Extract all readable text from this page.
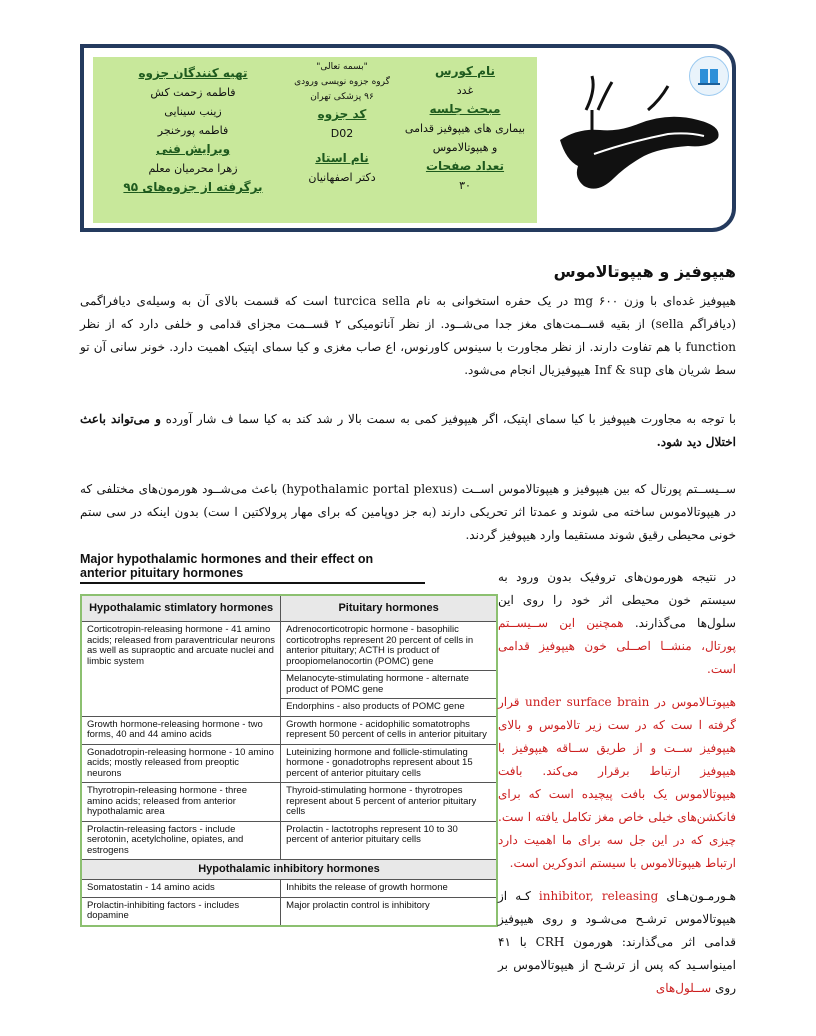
نام کورس
غدد
مبحث جلسه
بیماری های هیپوفیز قدامی
و هیپوتالاموس
تعداد صفحات
۳۰
"بسمه تعالی"
گروه جزوه نویسی ورودی
۹۶ پزشکی تهران
کد جزوه
D02
نام استاد
دکتر اصفهانیان
تهیه کنندگان جزوه
فاطمه زحمت کش
زینب سینایی
فاطمه پورخنجر
ویرایش فنی
زهرا محرمیان معلم
برگرفته از جزوه‌های ۹۵
هیپوفیز و هیپوتالاموس
هیپوفیز غده‌ای با وزن ۶۰۰ mg در یک حفره استخوانی به نام turcica sella است که قسمت بالای آن به وسیله‌ی دیافراگمی (دیافراگم sella) از بقیه قســمت‌های مغز جدا می‌شــود. از نظر آناتومیکی ۲ قســمت مجزای قدامی و خلفی دارد که از نظر function با هم تفاوت دارند. از نظر مجاورت با سینوس کاورنوس، اع صاب مغزی و کیا سمای اپتیک اهمیت دارد. خونر سانی آن تو سط شریان های Inf & sup هیپوفیزیال انجام می‌شود.
با توجه به مجاورت هیپوفیز با کیا سمای اپتیک، اگر هیپوفیز کمی به سمت بالا ر شد کند به کیا سما ف شار آورده و می‌تواند باعث اختلال دید شود.
ســیســتم پورتال که بین هیپوفیز و هیپوتالاموس اســت (hypothalamic portal plexus) باعث می‌شــود هورمون‌های مختلفی که در هیپوتالاموس ساخته می شوند و عمدتا اثر تحریکی دارند (به جز دوپامین که برای مهار پرولاکتین ا ست) بدون اینکه در سی ستم خونی محیطی رقیق شوند مستقیما وارد هیپوفیز گردند.
Major hypothalamic hormones and their effect on
anterior pituitary hormones
Hypothalamic stimlatory hormones	Pituitary hormones
Corticotropin-releasing hormone - 41 amino acids; released from paraventricular neurons as well as supraoptic and arcuate nuclei and limbic system	Adrenocorticotropic hormone - basophilic corticotrophs represent 20 percent of cells in anterior pituitary; ACTH is product of proopiomelanocortin (POMC) gene
	Melanocyte-stimulating hormone - alternate product of POMC gene
	Endorphins - also products of POMC gene
Growth hormone-releasing hormone - two forms, 40 and 44 amino acids	Growth hormone - acidophilic somatotrophs represent 50 percent of cells in anterior pituitary
Gonadotropin-releasing hormone - 10 amino acids; mostly released from preoptic neurons	Luteinizing hormone and follicle-stimulating hormone - gonadotrophs represent about 15 percent of anterior pituitary cells
Thyrotropin-releasing hormone - three amino acids; released from anterior hypothalamic area	Thyroid-stimulating hormone - thyrotropes represent about 5 percent of anterior pituitary cells
Prolactin-releasing factors - include serotonin, acetylcholine, opiates, and estrogens	Prolactin - lactotrophs represent 10 to 30 percent of anterior pituitary cells
Hypothalamic inhibitory hormones	
Somatostatin - 14 amino acids	Inhibits the release of growth hormone
Prolactin-inhibiting factors - includes dopamine	Major prolactin control is inhibitory
در نتیجه هورمون‌های تروفیک بدون ورود به سیستم خون محیطی اثر خود را روی این سلول‌ها می‌گذارند. همچنین این ســیســتم پورتال، منشــا اصــلی خون هیپوفیز قدامی است.
هیپوتـالاموس در under surface brain قرار گرفته ا ست که در ست زیر تالاموس و بالای هیپوفیز ســت و از طریق ســاقه هیپوفیز با هیپوفیز ارتباط برقرار می‌کند. بافت هیپوتالاموس یک بافت پیچیده است که برای فانکشن‌های خیلی خاص مغز تکامل یافته ا ست. چیزی که در این جل سه برای ما اهمیت دارد ارتباط هیپوتالاموس با سیستم اندوکرین است.
هـورمـون‌هـای inhibitor, releasing کـه از هیپوتالاموس ترشـح می‌شـود و روی هیپوفیز قدامی اثر می‌گذارند: هورمون CRH با ۴۱ امینواسـید که پس از ترشـح از هیپوتالاموس بر روی ســلول‌های
